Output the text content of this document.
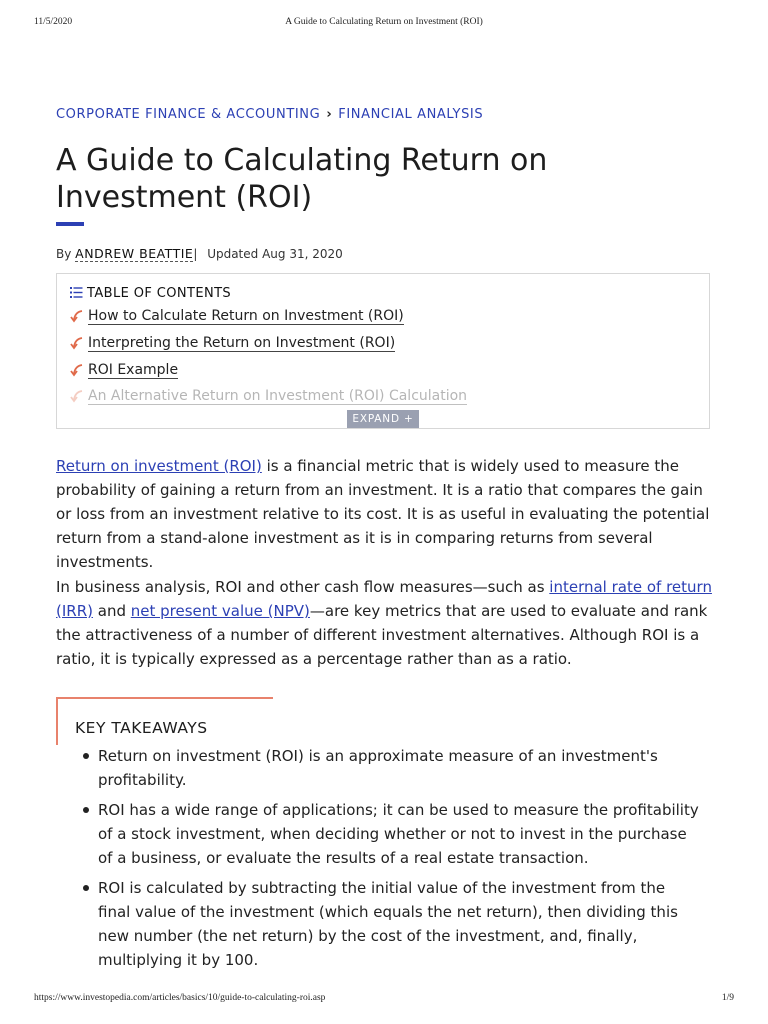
11/5/2020	A Guide to Calculating Return on Investment (ROI)
CORPORATE FINANCE & ACCOUNTING › FINANCIAL ANALYSIS
A Guide to Calculating Return on Investment (ROI)
By ANDREW BEATTIE| Updated Aug 31, 2020
TABLE OF CONTENTS
How to Calculate Return on Investment (ROI)
Interpreting the Return on Investment (ROI)
ROI Example
An Alternative Return on Investment (ROI) Calculation
EXPAND +

Return on investment (ROI) is a financial metric that is widely used to measure the probability of gaining a return from an investment. It is a ratio that compares the gain or loss from an investment relative to its cost. It is as useful in evaluating the potential return from a stand-alone investment as it is in comparing returns from several investments.

In business analysis, ROI and other cash flow measures—such as internal rate of return (IRR) and net present value (NPV)—are key metrics that are used to evaluate and rank the attractiveness of a number of different investment alternatives. Although ROI is a ratio, it is typically expressed as a percentage rather than as a ratio.

KEY TAKEAWAYS
Return on investment (ROI) is an approximate measure of an investment's profitability.
ROI has a wide range of applications; it can be used to measure the profitability of a stock investment, when deciding whether or not to invest in the purchase of a business, or evaluate the results of a real estate transaction.
ROI is calculated by subtracting the initial value of the investment from the final value of the investment (which equals the net return), then dividing this new number (the net return) by the cost of the investment, and, finally, multiplying it by 100.
https://www.investopedia.com/articles/basics/10/guide-to-calculating-roi.asp	1/9
